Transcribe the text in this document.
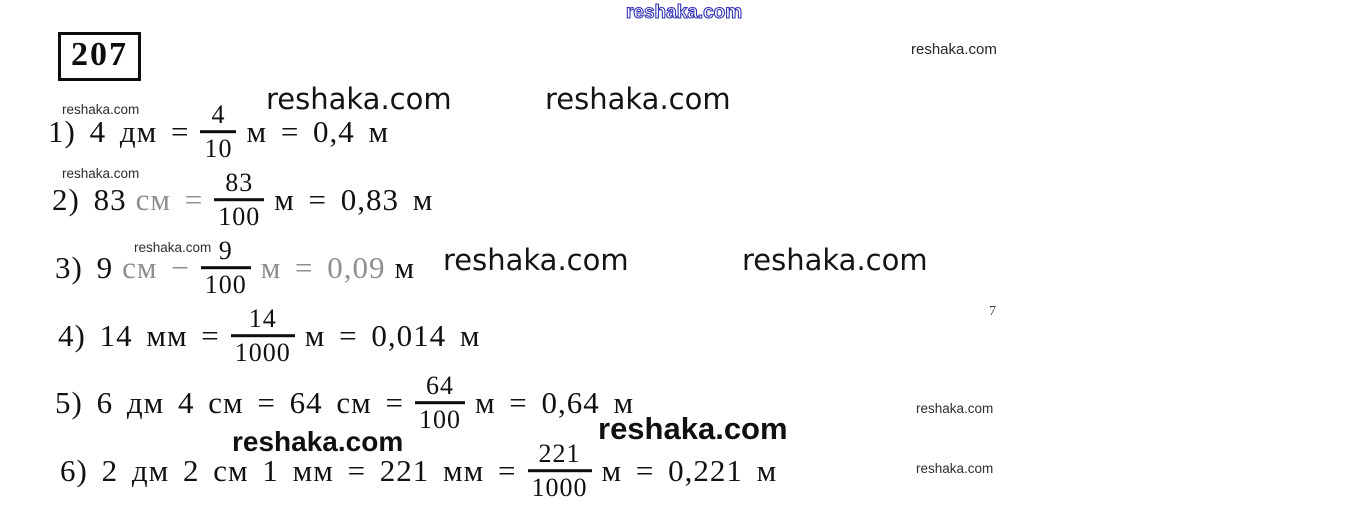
207
reshaka.com
reshaka.com
reshaka.com
reshaka.com
reshaka.com
reshaka.com
reshaka.com
reshaka.com	reshaka.com
reshaka.com	reshaka.com
reshaka.com	reshaka.com
7
1) 4 дм = $\frac{4}{10}$ м = 0,4 м
2) 83 см = $\frac{83}{100}$ м = 0,83 м
3) 9 см − $\frac{9}{100}$ м = 0,09 м
4) 14 мм = $\frac{14}{1000}$ м = 0,014 м
5) 6 дм 4 см = 64 см = $\frac{64}{100}$ м = 0,64 м
6) 2 дм 2 см 1 мм = 221 мм = $\frac{221}{1000}$ м = 0,221 м
